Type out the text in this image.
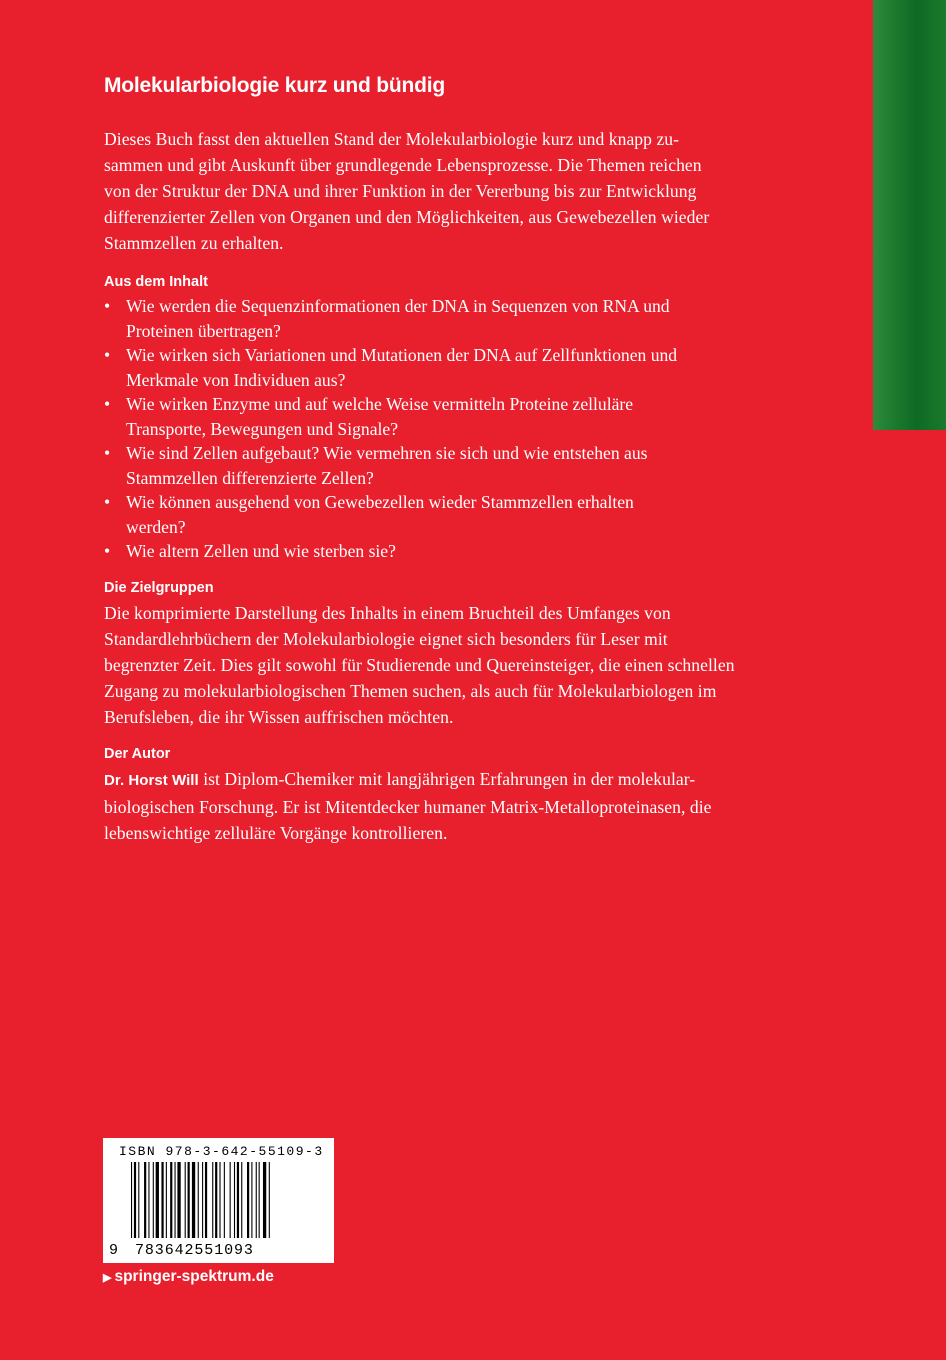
Molekularbiologie kurz und bündig

Dieses Buch fasst den aktuellen Stand der Molekularbiologie kurz und knapp zu-
sammen und gibt Auskunft über grundlegende Lebensprozesse. Die Themen reichen
von der Struktur der DNA und ihrer Funktion in der Vererbung bis zur Entwicklung
differenzierter Zellen von Organen und den Möglichkeiten, aus Gewebezellen wieder
Stammzellen zu erhalten.

Aus dem Inhalt
• Wie werden die Sequenzinformationen der DNA in Sequenzen von RNA und
Proteinen übertragen?
• Wie wirken sich Variationen und Mutationen der DNA auf Zellfunktionen und
Merkmale von Individuen aus?
• Wie wirken Enzyme und auf welche Weise vermitteln Proteine zelluläre
Transporte, Bewegungen und Signale?
• Wie sind Zellen aufgebaut? Wie vermehren sie sich und wie entstehen aus
Stammzellen differenzierte Zellen?
• Wie können ausgehend von Gewebezellen wieder Stammzellen erhalten
werden?
• Wie altern Zellen und wie sterben sie?
Die Zielgruppen

Die komprimierte Darstellung des Inhalts in einem Bruchteil des Umfanges von
Standardlehrbüchern der Molekularbiologie eignet sich besonders für Leser mit
begrenzter Zeit. Dies gilt sowohl für Studierende und Quereinsteiger, die einen schnellen
Zugang zu molekularbiologischen Themen suchen, als auch für Molekularbiologen im
Berufsleben, die ihr Wissen auffrischen möchten.

Der Autor

Dr. Horst Will ist Diplom-Chemiker mit langjährigen Erfahrungen in der molekular-
biologischen Forschung. Er ist Mitentdecker humaner Matrix-Metalloproteinasen, die
lebenswichtige zelluläre Vorgänge kontrollieren.

ISBN 978-3-642-55109-3
9 783642551093
▶ springer-spektrum.de
